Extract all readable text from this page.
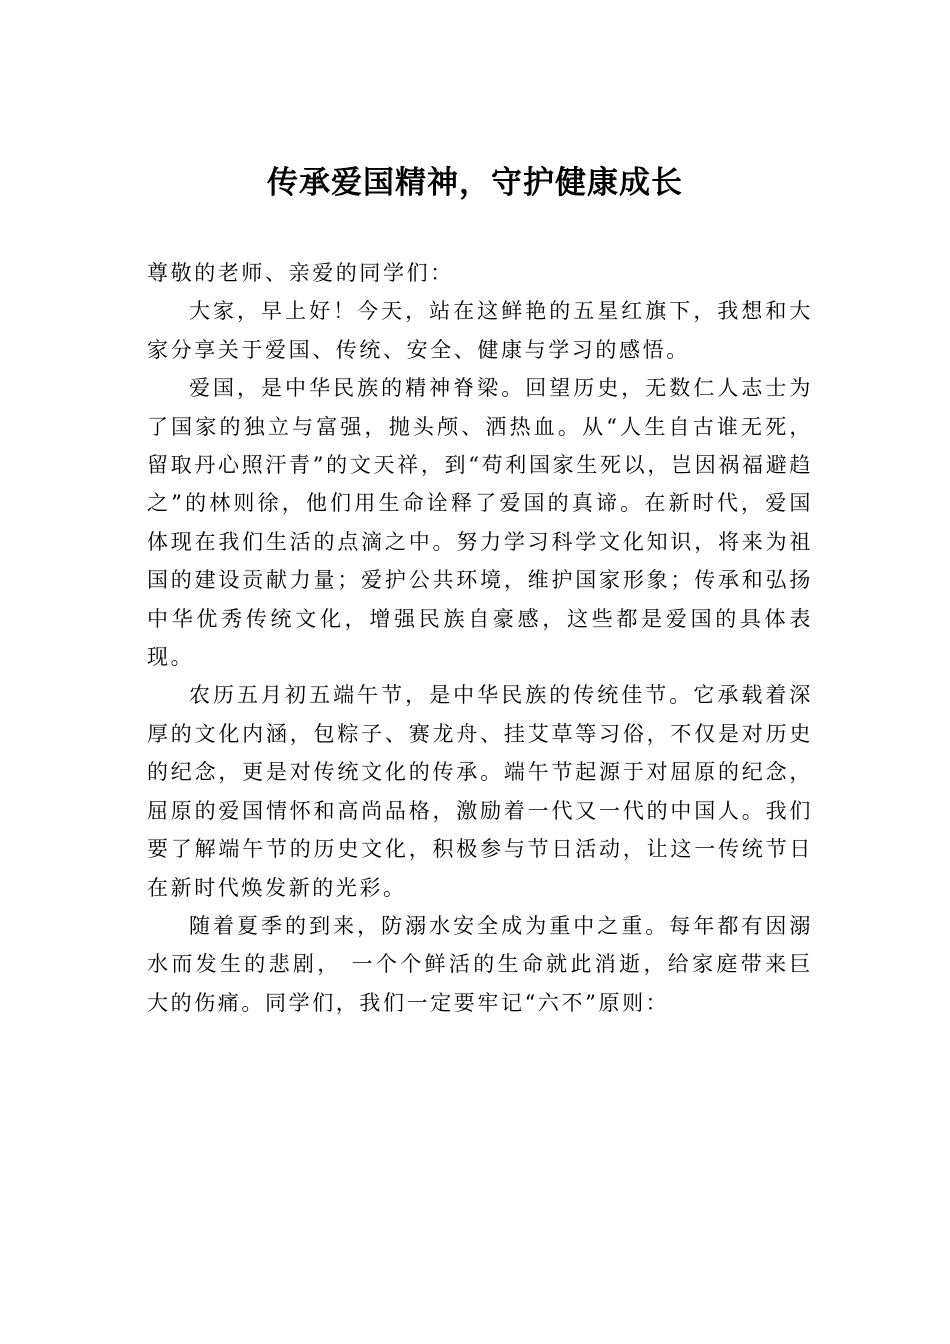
传承爱国精神，守护健康成长

尊敬的老师、亲爱的同学们：

大家，早上好！今天，站在这鲜艳的五星红旗下，我想和大家分享关于爱国、传统、安全、健康与学习的感悟。

爱国，是中华民族的精神脊梁。回望历史，无数仁人志士为了国家的独立与富强，抛头颅、洒热血。从“人生自古谁无死，留取丹心照汗青”的文天祥，到“苟利国家生死以，岂因祸福避趋之”的林则徐，他们用生命诠释了爱国的真谛。在新时代，爱国体现在我们生活的点滴之中。努力学习科学文化知识，将来为祖国的建设贡献力量；爱护公共环境，维护国家形象；传承和弘扬中华优秀传统文化，增强民族自豪感，这些都是爱国的具体表现。

农历五月初五端午节，是中华民族的传统佳节。它承载着深厚的文化内涵，包粽子、赛龙舟、挂艾草等习俗，不仅是对历史的纪念，更是对传统文化的传承。端午节起源于对屈原的纪念，屈原的爱国情怀和高尚品格，激励着一代又一代的中国人。我们要了解端午节的历史文化，积极参与节日活动，让这一传统节日在新时代焕发新的光彩。

随着夏季的到来，防溺水安全成为重中之重。每年都有因溺水而发生的悲剧， 一个个鲜活的生命就此消逝，给家庭带来巨大的伤痛。同学们，我们一定要牢记“六不”原则：
